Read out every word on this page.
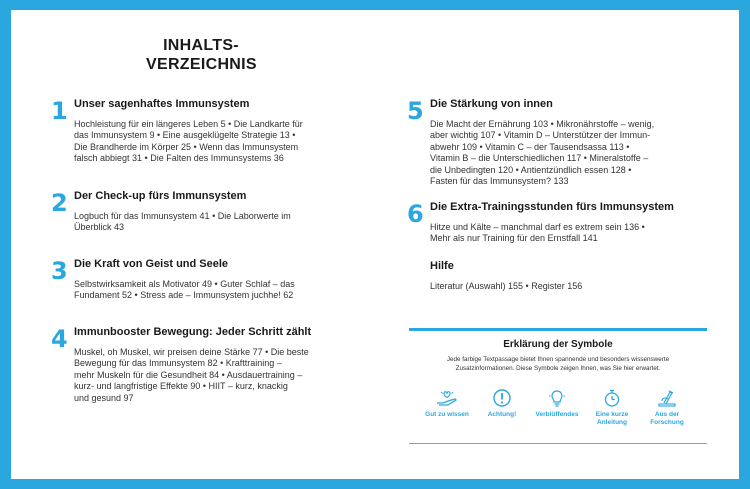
INHALTS-
VERZEICHNIS
1 Unser sagenhaftes Immunsystem
Hochleistung für ein längeres Leben 5 • Die Landkarte für
das Immunsystem 9 • Eine ausgeklügelte Strategie 13 •
Die Brandherde im Körper 25 • Wenn das Immunsystem
falsch abbiegt 31 • Die Falten des Immunsystems 36
2 Der Check-up fürs Immunsystem
Logbuch für das Immunsystem 41 • Die Laborwerte im
Überblick 43
3 Die Kraft von Geist und Seele
Selbstwirksamkeit als Motivator 49 • Guter Schlaf – das
Fundament 52 • Stress ade – Immunsystem juchhe! 62
4 Immunbooster Bewegung: Jeder Schritt zählt
Muskel, oh Muskel, wir preisen deine Stärke 77 • Die beste
Bewegung für das Immunsystem 82 • Krafttraining –
mehr Muskeln für die Gesundheit 84 • Ausdauertraining –
kurz- und langfristige Effekte 90 • HIIT – kurz, knackig
und gesund 97
5 Die Stärkung von innen
Die Macht der Ernährung 103 • Mikronährstoffe – wenig,
aber wichtig 107 • Vitamin D – Unterstützer der Immun-
abwehr 109 • Vitamin C – der Tausendsassa 113 •
Vitamin B – die Unterschiedlichen 117 • Mineralstoffe –
die Unbedingten 120 • Antientzündlich essen 128 •
Fasten für das Immunsystem? 133
6 Die Extra-Trainingsstunden fürs Immunsystem
Hitze und Kälte – manchmal darf es extrem sein 136 •
Mehr als nur Training für den Ernstfall 141
Hilfe
Literatur (Auswahl) 155 • Register 156
Erklärung der Symbole
Jede farbige Textpassage bietet Ihnen spannende und besonders wissenswerte
Zusatzinformationen. Diese Symbole zeigen Ihnen, was Sie hier erwartet.
Gut zu wissen	Achtung!	Verblüffendes	Eine kurze Anleitung
Aus der Forschung
